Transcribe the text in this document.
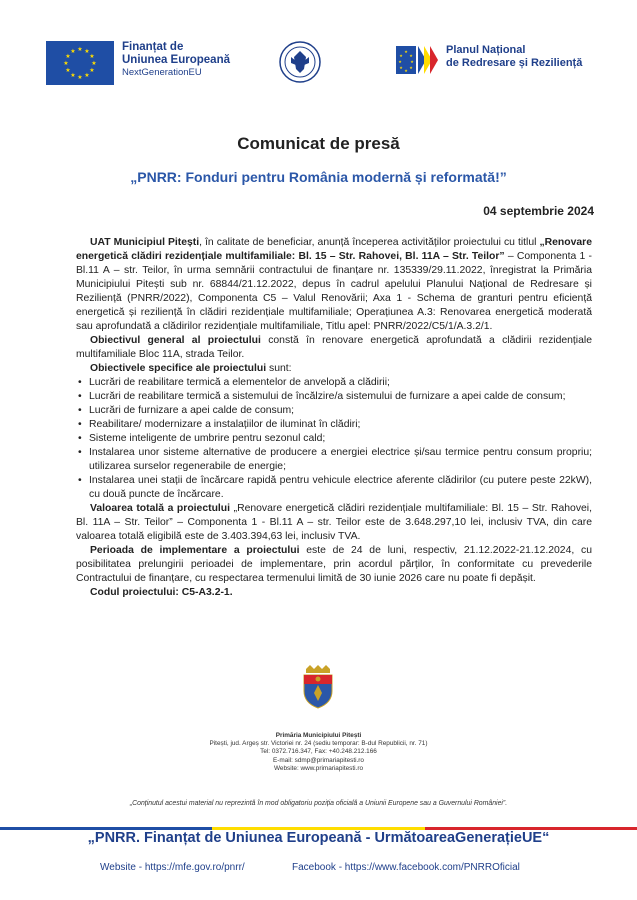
★ ★
★
★
★
★
★
★
★
★
★
★	Finanțat de
Uniunea Europeană
NextGenerationEU
★
★
★
★
★
★
★
★	Planul Național
de Redresare și Reziliență
Comunicat de presă
„PNRR: Fonduri pentru România modernă și reformată!”
04 septembrie 2024

UAT Municipiul Pitești, în calitate de beneficiar, anunță începerea activităților proiectului cu titlul „Renovare energetică clădiri rezidențiale multifamiliale: Bl. 15 – Str. Rahovei, Bl. 11A – Str. Teilor” – Componenta 1 - Bl.11 A – str. Teilor, în urma semnării contractului de finanțare nr. 135339/29.11.2022, înregistrat la Primăria Municipiului Pitești sub nr. 68844/21.12.2022, depus în cadrul apelului Planului Național de Redresare și Reziliență (PNRR/2022), Componenta C5 – Valul Renovării; Axa 1 - Schema de granturi pentru eficiență energetică și reziliență în clădiri rezidențiale multifamiliale; Operațiunea A.3: Renovarea energetică moderată sau aprofundată a clădirilor rezidențiale multifamiliale, Titlu apel: PNRR/2022/C5/1/A.3.2/1.

Obiectivul general al proiectului constă în renovare energetică aprofundată a clădirii rezidențiale multifamiliale Bloc 11A, strada Teilor.

Obiectivele specifice ale proiectului sunt:

• Lucrări de reabilitare termică a elementelor de anvelopă a clădirii;
• Lucrări de reabilitare termică a sistemului de încălzire/a sistemului de furnizare a apei calde de consum;
• Lucrări de furnizare a apei calde de consum;
• Reabilitare/ modernizare a instalațiilor de iluminat în clădiri;
• Sisteme inteligente de umbrire pentru sezonul cald;
• Instalarea unor sisteme alternative de producere a energiei electrice și/sau termice pentru consum propriu; utilizarea surselor regenerabile de energie;
• Instalarea unei stații de încărcare rapidă pentru vehicule electrice aferente clădirilor (cu putere peste 22kW), cu două puncte de încărcare.

Valoarea totală a proiectului „Renovare energetică clădiri rezidențiale multifamiliale: Bl. 15 – Str. Rahovei, Bl. 11A – Str. Teilor” – Componenta 1 - Bl.11 A – str. Teilor este de 3.648.297,10 lei, inclusiv TVA, din care valoarea totală eligibilă este de 3.403.394,63 lei, inclusiv TVA.

Perioada de implementare a proiectului este de 24 de luni, respectiv, 21.12.2022-21.12.2024, cu posibilitatea prelungirii perioadei de implementare, prin acordul părților, în conformitate cu prevederile Contractului de finanțare, cu respectarea termenului limită de 30 iunie 2026 care nu poate fi depășit.

Codul proiectului: C5-A3.2-1.

Primăria Municipiului Pitești
Pitești, jud. Argeș str. Victoriei nr. 24 (sediu temporar: B-dul Republicii, nr. 71)
Tel: 0372.716.347, Fax: +40.248.212.166
E-mail: sdmp@primariapitesti.ro
Website: www.primariapitesti.ro
„Conținutul acestui material nu reprezintă în mod obligatoriu poziția oficială a Uniunii Europene sau a Guvernului României”.
„PNRR. Finanțat de Uniunea Europeană - UrmătoareaGenerațieUE“
Website - https://mfe.gov.ro/pnrr/	Facebook - https://www.facebook.com/PNRROficial
